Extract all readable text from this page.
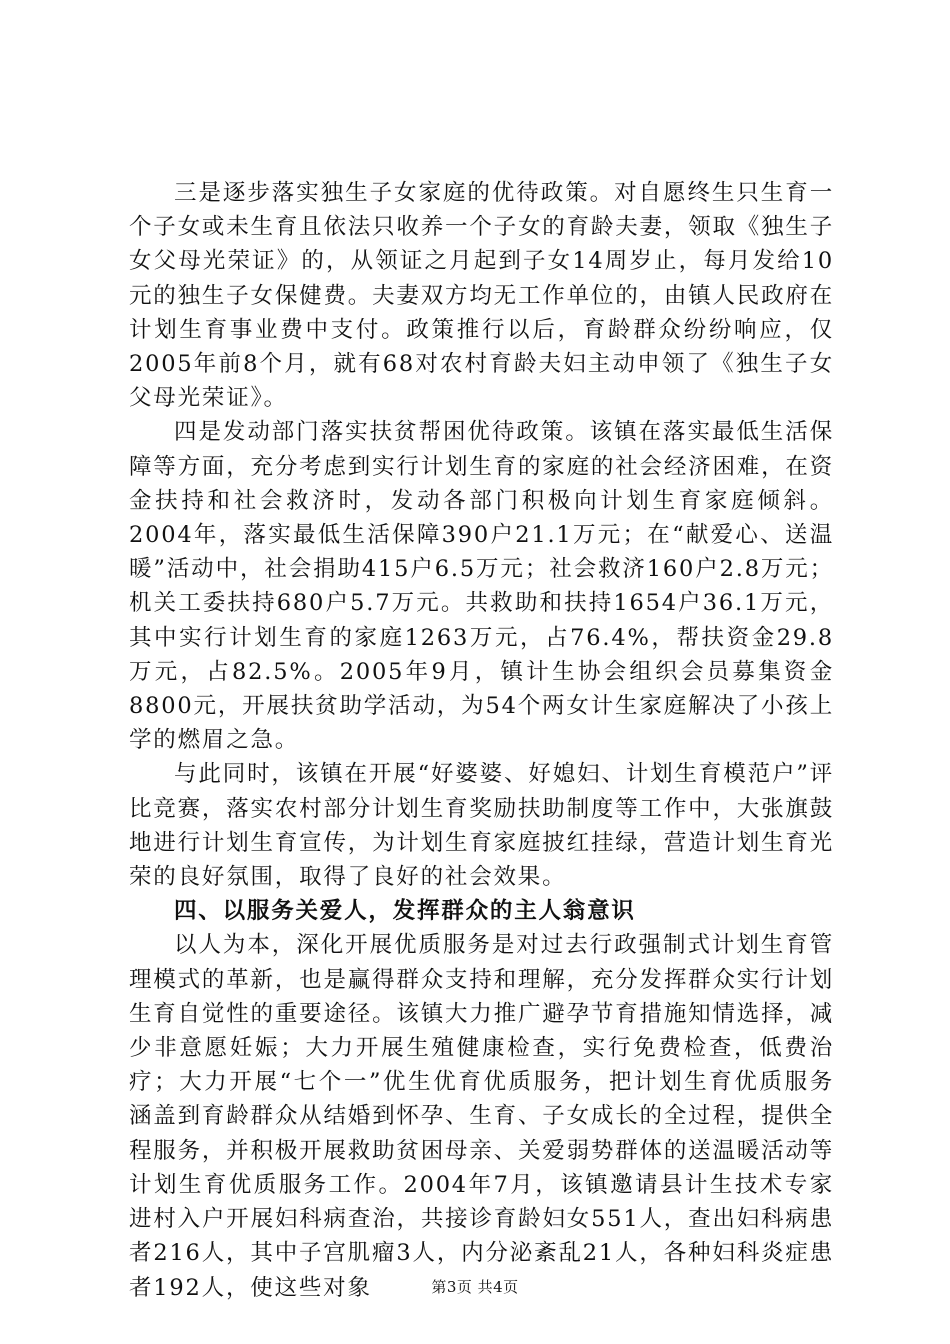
三是逐步落实独生子女家庭的优待政策。对自愿终生只生育一个子女或未生育且依法只收养一个子女的育龄夫妻，领取《独生子女父母光荣证》的，从领证之月起到子女14周岁止，每月发给10元的独生子女保健费。夫妻双方均无工作单位的，由镇人民政府在计划生育事业费中支付。政策推行以后，育龄群众纷纷响应，仅2005年前8个月，就有68对农村育龄夫妇主动申领了《独生子女父母光荣证》。

四是发动部门落实扶贫帮困优待政策。该镇在落实最低生活保障等方面，充分考虑到实行计划生育的家庭的社会经济困难，在资金扶持和社会救济时，发动各部门积极向计划生育家庭倾斜。2004年，落实最低生活保障390户21.1万元；在“献爱心、送温暖”活动中，社会捐助415户6.5万元；社会救济160户2.8万元；机关工委扶持680户5.7万元。共救助和扶持1654户36.1万元，其中实行计划生育的家庭1263万元，占76.4%，帮扶资金29.8万元，占82.5%。2005年9月，镇计生协会组织会员募集资金8800元，开展扶贫助学活动，为54个两女计生家庭解决了小孩上学的燃眉之急。

与此同时，该镇在开展“好婆婆、好媳妇、计划生育模范户”评比竞赛，落实农村部分计划生育奖励扶助制度等工作中，大张旗鼓地进行计划生育宣传，为计划生育家庭披红挂绿，营造计划生育光荣的良好氛围，取得了良好的社会效果。

四、以服务关爱人，发挥群众的主人翁意识

以人为本，深化开展优质服务是对过去行政强制式计划生育管理模式的革新，也是赢得群众支持和理解，充分发挥群众实行计划生育自觉性的重要途径。该镇大力推广避孕节育措施知情选择，减少非意愿妊娠；大力开展生殖健康检查，实行免费检查，低费治疗；大力开展“七个一”优生优育优质服务，把计划生育优质服务涵盖到育龄群众从结婚到怀孕、生育、子女成长的全过程，提供全程服务，并积极开展救助贫困母亲、关爱弱势群体的送温暖活动等计划生育优质服务工作。2004年7月，该镇邀请县计生技术专家进村入户开展妇科病查治，共接诊育龄妇女551人，查出妇科病患者216人，其中子宫肌瘤3人，内分泌紊乱21人，各种妇科炎症患者192人，使这些对象	第3页 共4页
